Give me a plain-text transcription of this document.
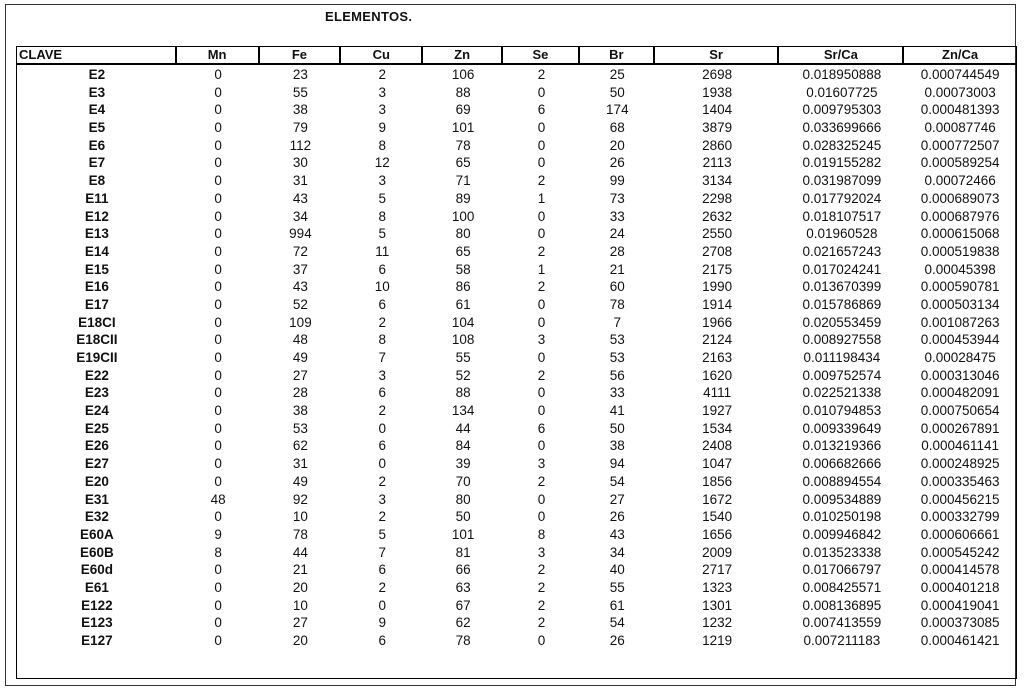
ELEMENTOS.
CLAVE	Mn	Fe	Cu	Zn	Se	Br	Sr	Sr/Ca	Zn/Ca
E2	0	23	2	106	2	25	2698	0.018950888	0.000744549
E3	0	55	3	88	0	50	1938	0.01607725	0.00073003
E4	0	38	3	69	6	174	1404	0.009795303	0.000481393
E5	0	79	9	101	0	68	3879	0.033699666	0.00087746
E6	0	112	8	78	0	20	2860	0.028325245	0.000772507
E7	0	30	12	65	0	26	2113	0.019155282	0.000589254
E8	0	31	3	71	2	99	3134	0.031987099	0.00072466
E11	0	43	5	89	1	73	2298	0.017792024	0.000689073
E12	0	34	8	100	0	33	2632	0.018107517	0.000687976
E13	0	994	5	80	0	24	2550	0.01960528	0.000615068
E14	0	72	11	65	2	28	2708	0.021657243	0.000519838
E15	0	37	6	58	1	21	2175	0.017024241	0.00045398
E16	0	43	10	86	2	60	1990	0.013670399	0.000590781
E17	0	52	6	61	0	78	1914	0.015786869	0.000503134
E18CI	0	109	2	104	0	7	1966	0.020553459	0.001087263
E18CII	0	48	8	108	3	53	2124	0.008927558	0.000453944
E19CII	0	49	7	55	0	53	2163	0.011198434	0.00028475
E22	0	27	3	52	2	56	1620	0.009752574	0.000313046
E23	0	28	6	88	0	33	4111	0.022521338	0.000482091
E24	0	38	2	134	0	41	1927	0.010794853	0.000750654
E25	0	53	0	44	6	50	1534	0.009339649	0.000267891
E26	0	62	6	84	0	38	2408	0.013219366	0.000461141
E27	0	31	0	39	3	94	1047	0.006682666	0.000248925
E20	0	49	2	70	2	54	1856	0.008894554	0.000335463
E31	48	92	3	80	0	27	1672	0.009534889	0.000456215
E32	0	10	2	50	0	26	1540	0.010250198	0.000332799
E60A	9	78	5	101	8	43	1656	0.009946842	0.000606661
E60B	8	44	7	81	3	34	2009	0.013523338	0.000545242
E60d	0	21	6	66	2	40	2717	0.017066797	0.000414578
E61	0	20	2	63	2	55	1323	0.008425571	0.000401218
E122	0	10	0	67	2	61	1301	0.008136895	0.000419041
E123	0	27	9	62	2	54	1232	0.007413559	0.000373085
E127	0	20	6	78	0	26	1219	0.007211183	0.000461421
